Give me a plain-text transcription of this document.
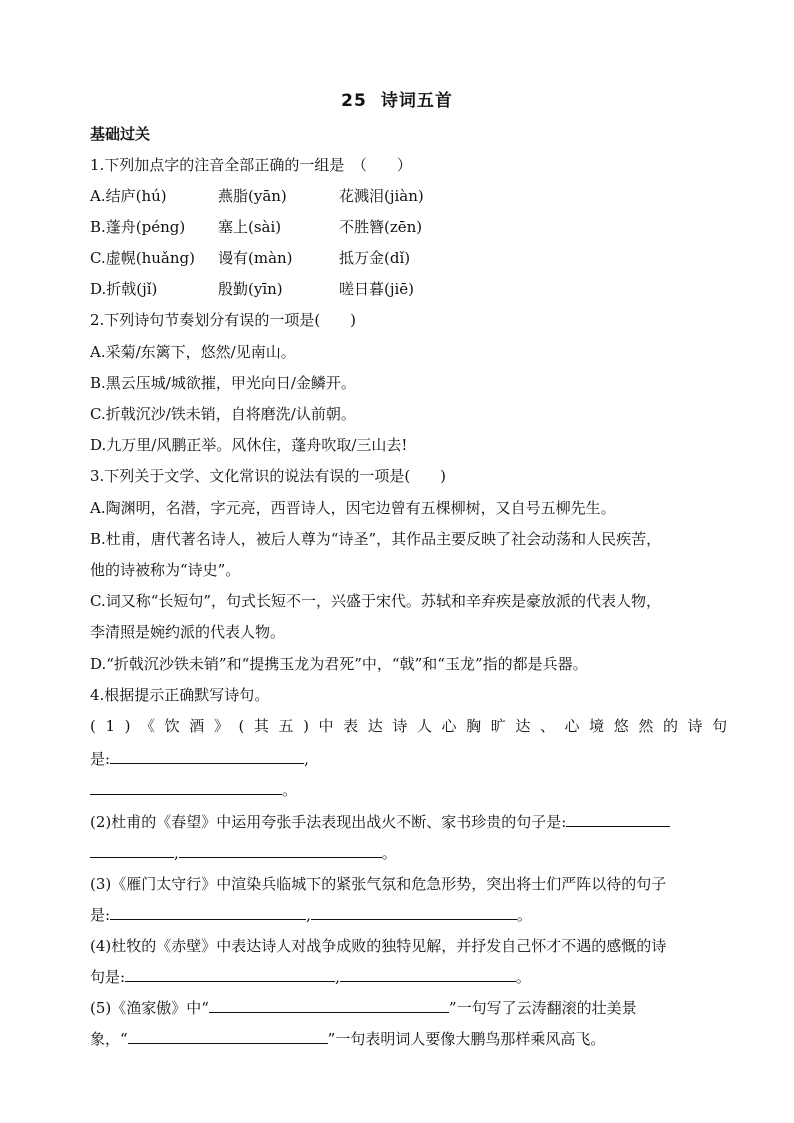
25 诗词五首
基础过关
1.下列加点字的注音全部正确的一组是　（　　）
A.结庐(hú)	燕脂(yān)	花溅泪(jiàn)
B.蓬舟(péng) 塞上(sài)	不胜簪(zēn)
C.虚幌(huǎng) 谩有(màn)	抵万金(dǐ)
D.折戟(jǐ)	殷勤(yīn)	嗟日暮(jiē)
2.下列诗句节奏划分有误的一项是(　　)
A.采菊/东篱下，悠然/见南山。
B.黑云压城/城欲摧，甲光向日/金鳞开。
C.折戟沉沙/铁未销，自将磨洗/认前朝。
D.九万里/风鹏正举。风休住，蓬舟吹取/三山去!
3.下列关于文学、文化常识的说法有误的一项是(　　)
A.陶渊明，名潜，字元亮，西晋诗人，因宅边曾有五棵柳树，又自号五柳先生。
B.杜甫，唐代著名诗人，被后人尊为“诗圣”，其作品主要反映了社会动荡和人民疾苦，
他的诗被称为“诗史”。
C.词又称“长短句”，句式长短不一，兴盛于宋代。苏轼和辛弃疾是豪放派的代表人物，
李清照是婉约派的代表人物。
D.“折戟沉沙铁未销”和“提携玉龙为君死”中，“戟”和“玉龙”指的都是兵器。
4.根据提示正确默写诗句。
(1)《饮酒》(其五)中表达诗人心胸旷达、心境悠然的诗句
是:	,
。
(2)杜甫的《春望》中运用夸张手法表现出战火不断、家书珍贵的句子是:
,	。
(3)《雁门太守行》中渲染兵临城下的紧张气氛和危急形势，突出将士们严阵以待的句子
是:	,	。
(4)杜牧的《赤壁》中表达诗人对战争成败的独特见解，并抒发自己怀才不遇的感慨的诗
句是:	,	。
(5)《渔家傲》中“	”一句写了云涛翻滚的壮美景
象，“	”一句表明词人要像大鹏鸟那样乘风高飞。
